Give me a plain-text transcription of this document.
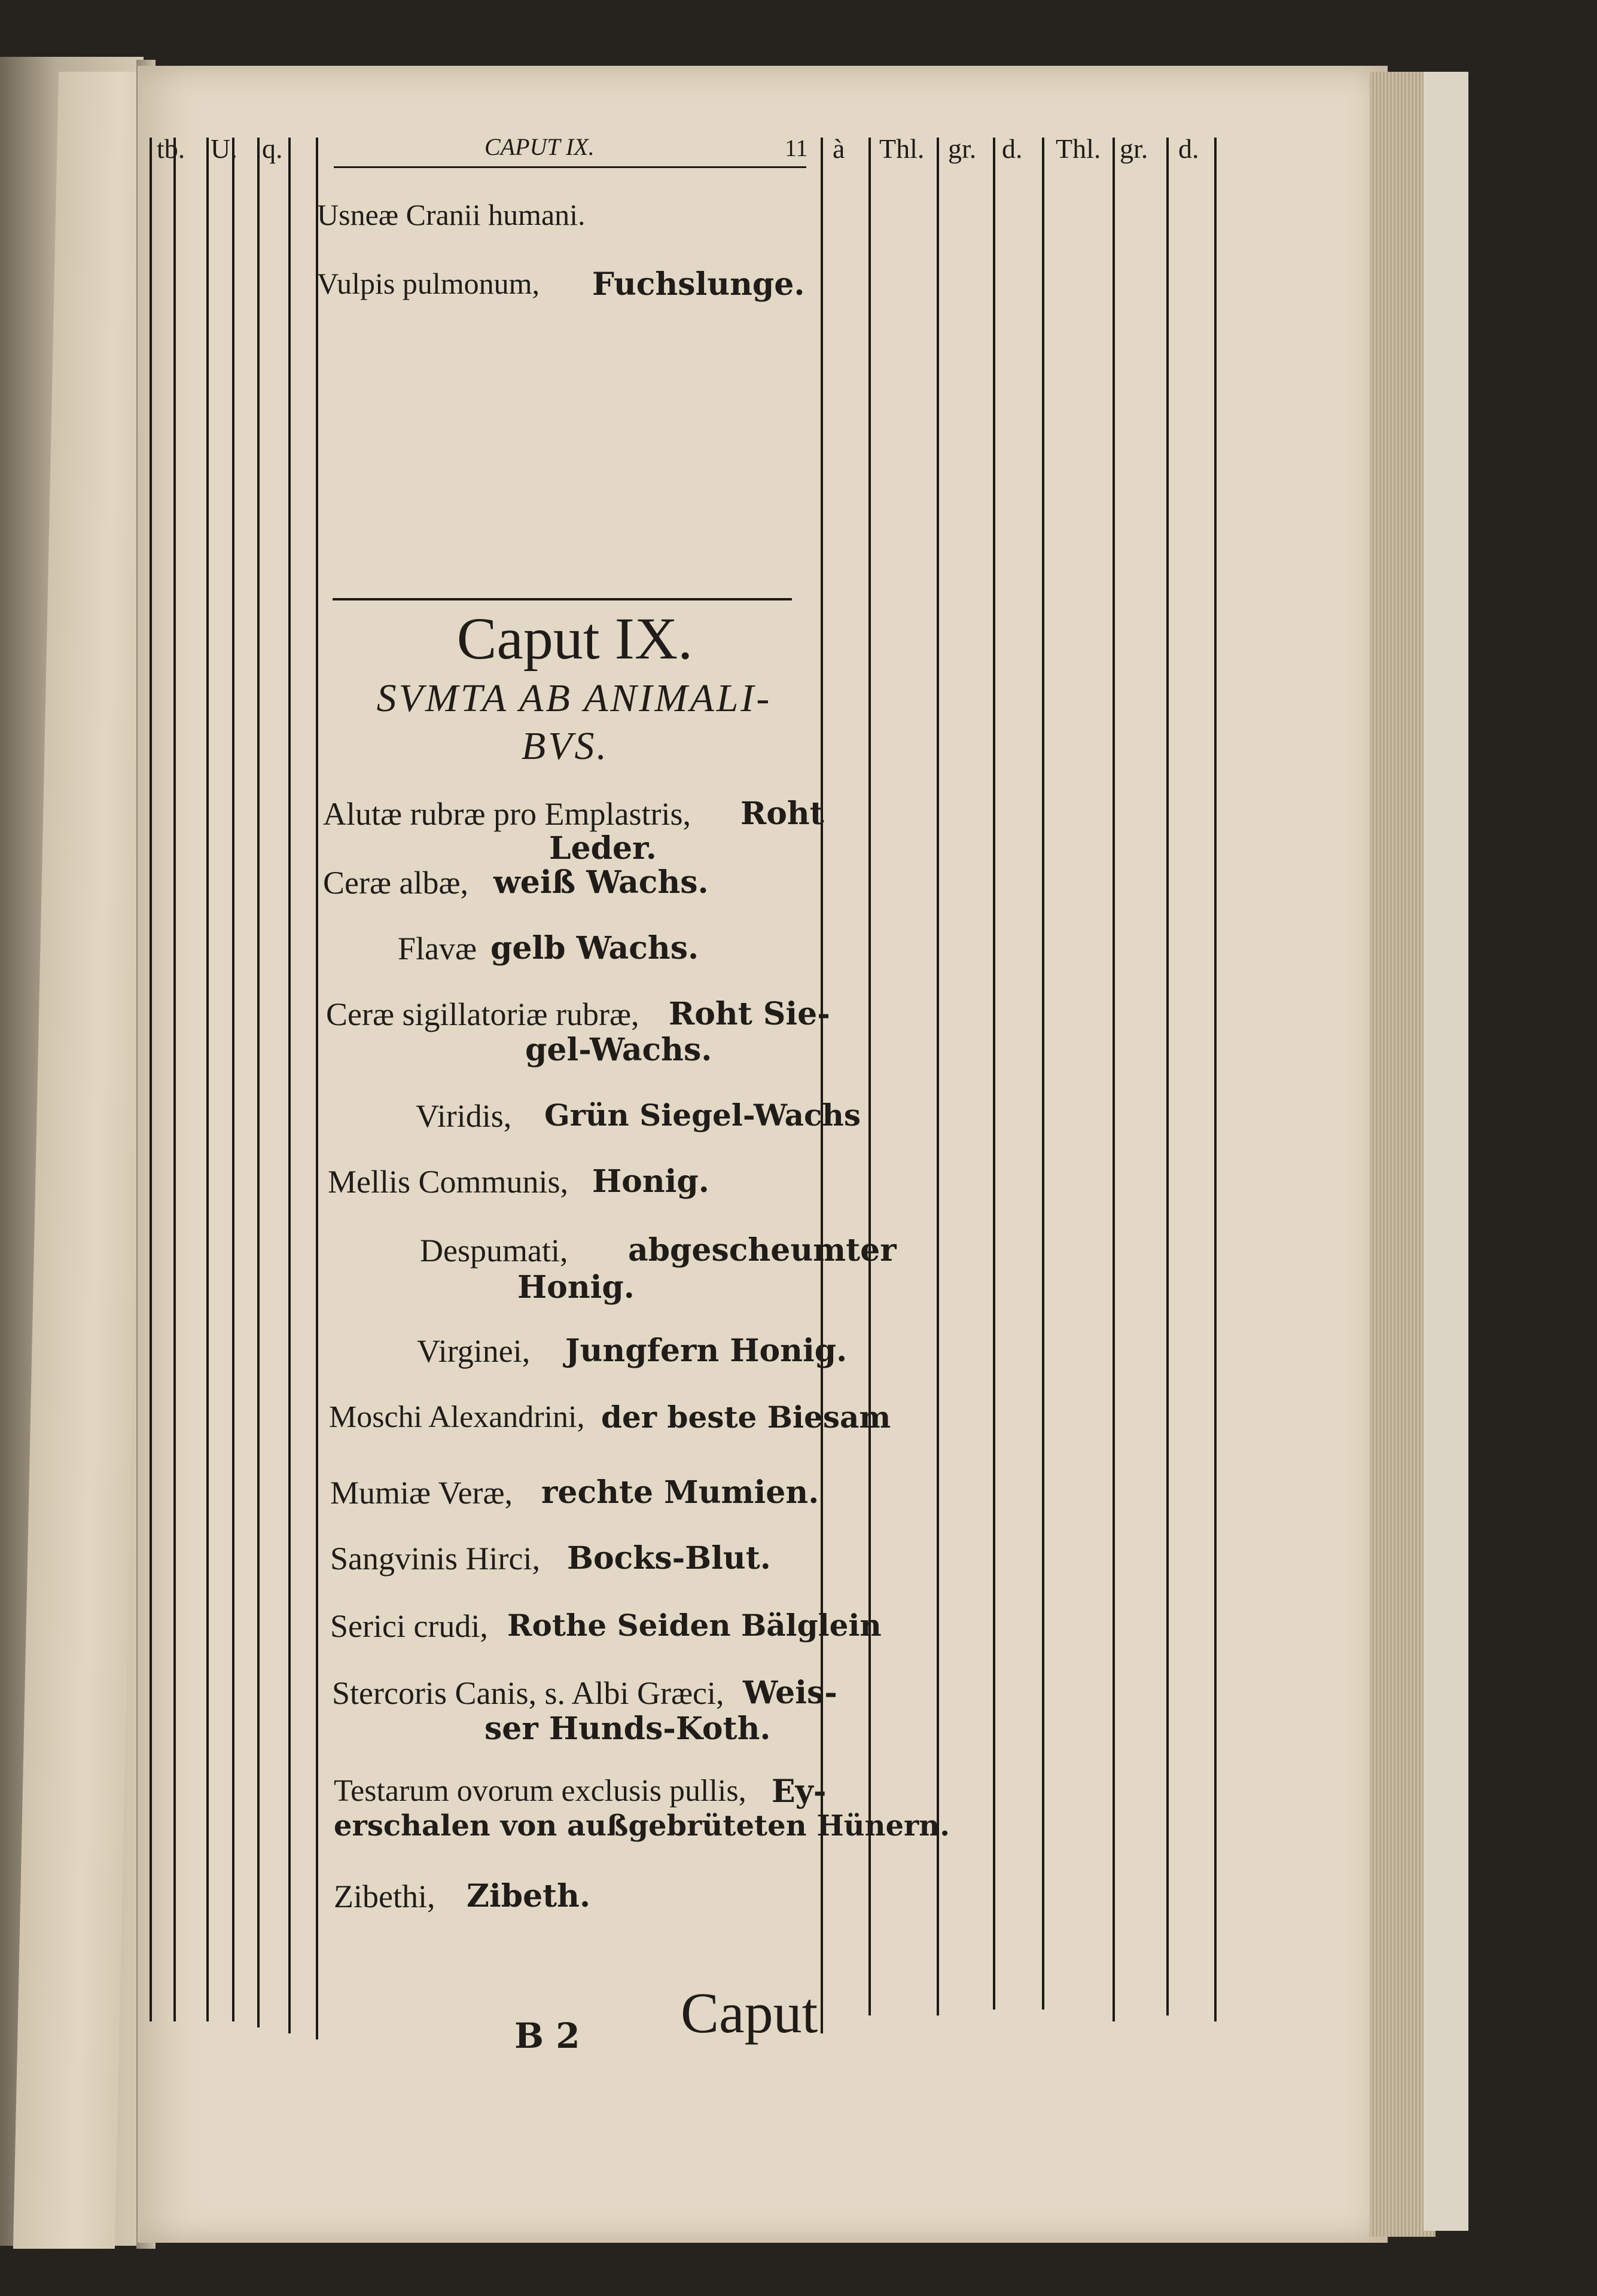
tb. U. q.	CAPUT IX.	11 à Thl. gr. d. Thl. gr. d.
Usneæ Cranii humani.
Vulpis pulmonum, Fuchslunge.
Caput IX.
SVMTA AB ANIMALI-
BVS.
Alutæ rubræ pro Emplastris, Roht
Leder.
Ceræ albæ, weiß Wachs.
Flavæ gelb Wachs.
Ceræ sigillatoriæ rubræ, Roht Sie-
gel-Wachs.
Viridis, Grün Siegel-Wachs
Mellis Communis, Honig.
Despumati, abgescheumter
Honig.
Virginei, Jungfern Honig.
Moschi Alexandrini, der beste Biesam
Mumiæ Veræ, rechte Mumien.
Sangvinis Hirci, Bocks-Blut.
Serici crudi, Rothe Seiden Bälglein
Stercoris Canis, s. Albi Græci, Weis-
ser Hunds-Koth.
Testarum ovorum exclusis pullis, Ey-
erschalen von außgebrüteten Hünern.
Zibethi, Zibeth.
B 2 Caput
